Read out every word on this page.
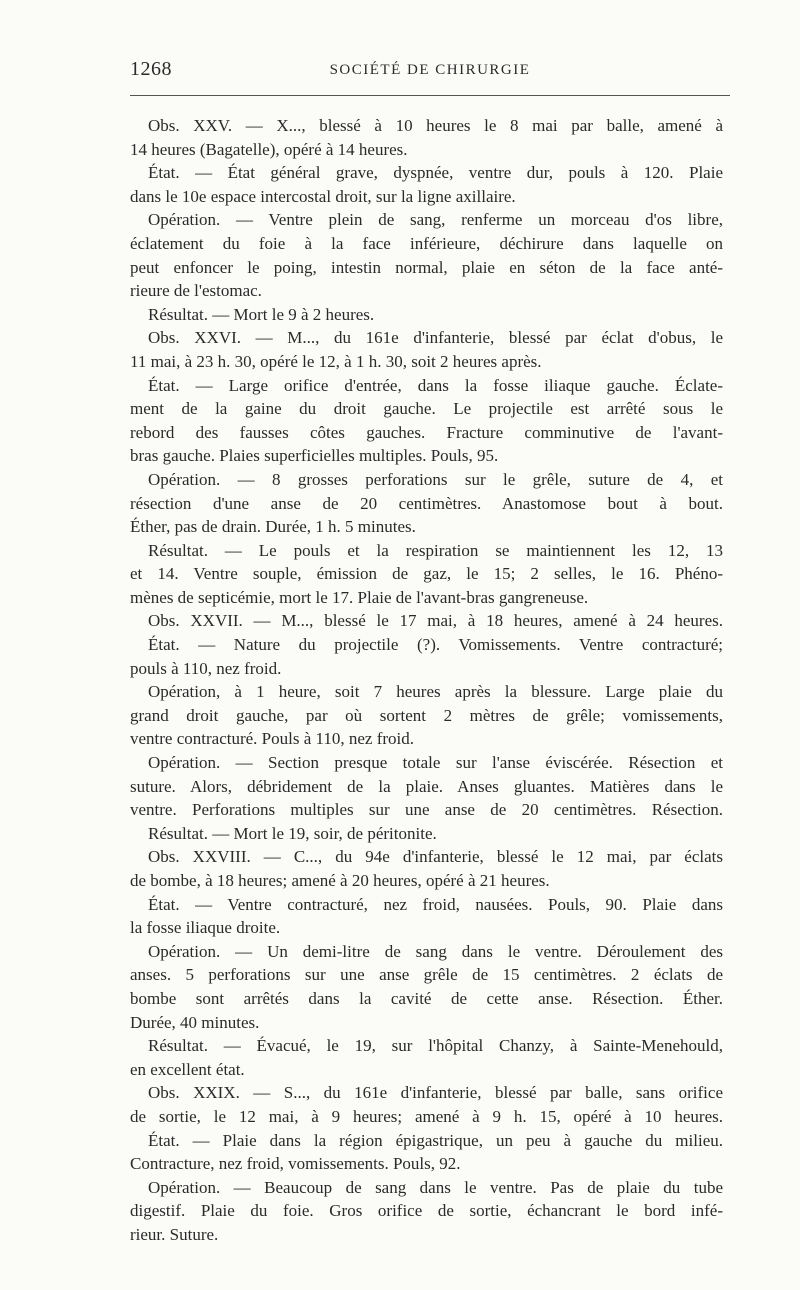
1268	SOCIÉTÉ DE CHIRURGIE
Obs. XXV. — X..., blessé à 10 heures le 8 mai par balle, amené à
14 heures (Bagatelle), opéré à 14 heures.
État. — État général grave, dyspnée, ventre dur, pouls à 120. Plaie
dans le 10e espace intercostal droit, sur la ligne axillaire.
Opération. — Ventre plein de sang, renferme un morceau d'os libre,
éclatement du foie à la face inférieure, déchirure dans laquelle on
peut enfoncer le poing, intestin normal, plaie en séton de la face anté-
rieure de l'estomac.
Résultat. — Mort le 9 à 2 heures.
Obs. XXVI. — M..., du 161e d'infanterie, blessé par éclat d'obus, le
11 mai, à 23 h. 30, opéré le 12, à 1 h. 30, soit 2 heures après.
État. — Large orifice d'entrée, dans la fosse iliaque gauche. Éclate-
ment de la gaine du droit gauche. Le projectile est arrêté sous le
rebord des fausses côtes gauches. Fracture comminutive de l'avant-
bras gauche. Plaies superficielles multiples. Pouls, 95.
Opération. — 8 grosses perforations sur le grêle, suture de 4, et
résection d'une anse de 20 centimètres. Anastomose bout à bout.
Éther, pas de drain. Durée, 1 h. 5 minutes.
Résultat. — Le pouls et la respiration se maintiennent les 12, 13
et 14. Ventre souple, émission de gaz, le 15; 2 selles, le 16. Phéno-
mènes de septicémie, mort le 17. Plaie de l'avant-bras gangreneuse.
Obs. XXVII. — M..., blessé le 17 mai, à 18 heures, amené à 24 heures.
État. — Nature du projectile (?). Vomissements. Ventre contracturé;
pouls à 110, nez froid.
Opération, à 1 heure, soit 7 heures après la blessure. Large plaie du
grand droit gauche, par où sortent 2 mètres de grêle; vomissements,
ventre contracturé. Pouls à 110, nez froid.
Opération. — Section presque totale sur l'anse éviscérée. Résection et
suture. Alors, débridement de la plaie. Anses gluantes. Matières dans le
ventre. Perforations multiples sur une anse de 20 centimètres. Résection.
Résultat. — Mort le 19, soir, de péritonite.
Obs. XXVIII. — C..., du 94e d'infanterie, blessé le 12 mai, par éclats
de bombe, à 18 heures; amené à 20 heures, opéré à 21 heures.
État. — Ventre contracturé, nez froid, nausées. Pouls, 90. Plaie dans
la fosse iliaque droite.
Opération. — Un demi-litre de sang dans le ventre. Déroulement des
anses. 5 perforations sur une anse grêle de 15 centimètres. 2 éclats de
bombe sont arrêtés dans la cavité de cette anse. Résection. Éther.
Durée, 40 minutes.
Résultat. — Évacué, le 19, sur l'hôpital Chanzy, à Sainte-Menehould,
en excellent état.
Obs. XXIX. — S..., du 161e d'infanterie, blessé par balle, sans orifice
de sortie, le 12 mai, à 9 heures; amené à 9 h. 15, opéré à 10 heures.
État. — Plaie dans la région épigastrique, un peu à gauche du milieu.
Contracture, nez froid, vomissements. Pouls, 92.
Opération. — Beaucoup de sang dans le ventre. Pas de plaie du tube
digestif. Plaie du foie. Gros orifice de sortie, échancrant le bord infé-
rieur. Suture.
